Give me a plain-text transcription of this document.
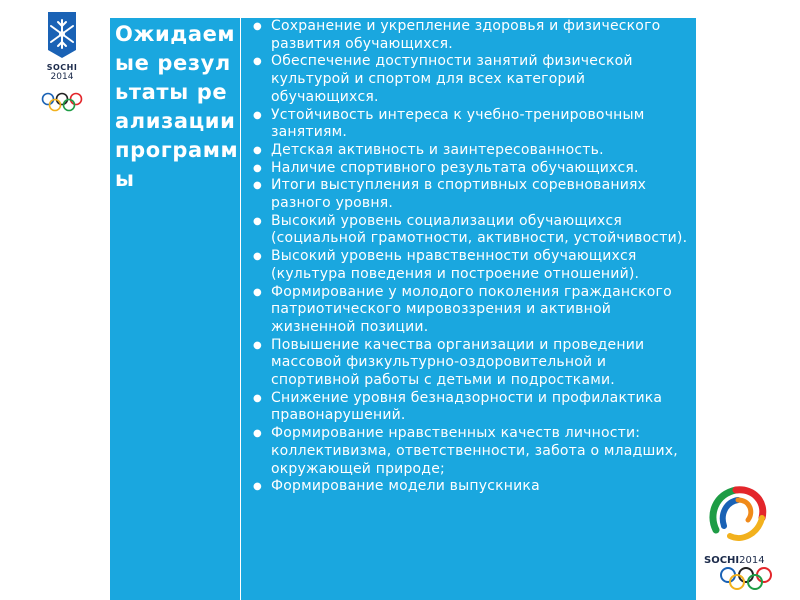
SOCHI
2014
Ожидаемые результаты реализации программы
● Сохранение и укрепление здоровья и физического развития обучающихся.
● Обеспечение доступности занятий физической культурой и спортом для всех категорий обучающихся.
● Устойчивость интереса к учебно-тренировочным занятиям.
● Детская активность и заинтересованность.
● Наличие спортивного результата обучающихся.
● Итоги выступления в спортивных соревнованиях разного уровня.
● Высокий уровень социализации обучающихся (социальной грамотности, активности, устойчивости).
● Высокий уровень нравственности обучающихся (культура поведения и построение отношений).
● Формирование у молодого поколения гражданского патриотического мировоззрения и активной жизненной позиции.
● Повышение качества организации и проведении массовой физкультурно-оздоровительной и спортивной работы с детьми и подростками.
● Снижение уровня безнадзорности и профилактика правонарушений.
● Формирование нравственных качеств личности: коллективизма, ответственности, забота о младших, окружающей природе;
● Формирование модели выпускника
SOCHI2014
